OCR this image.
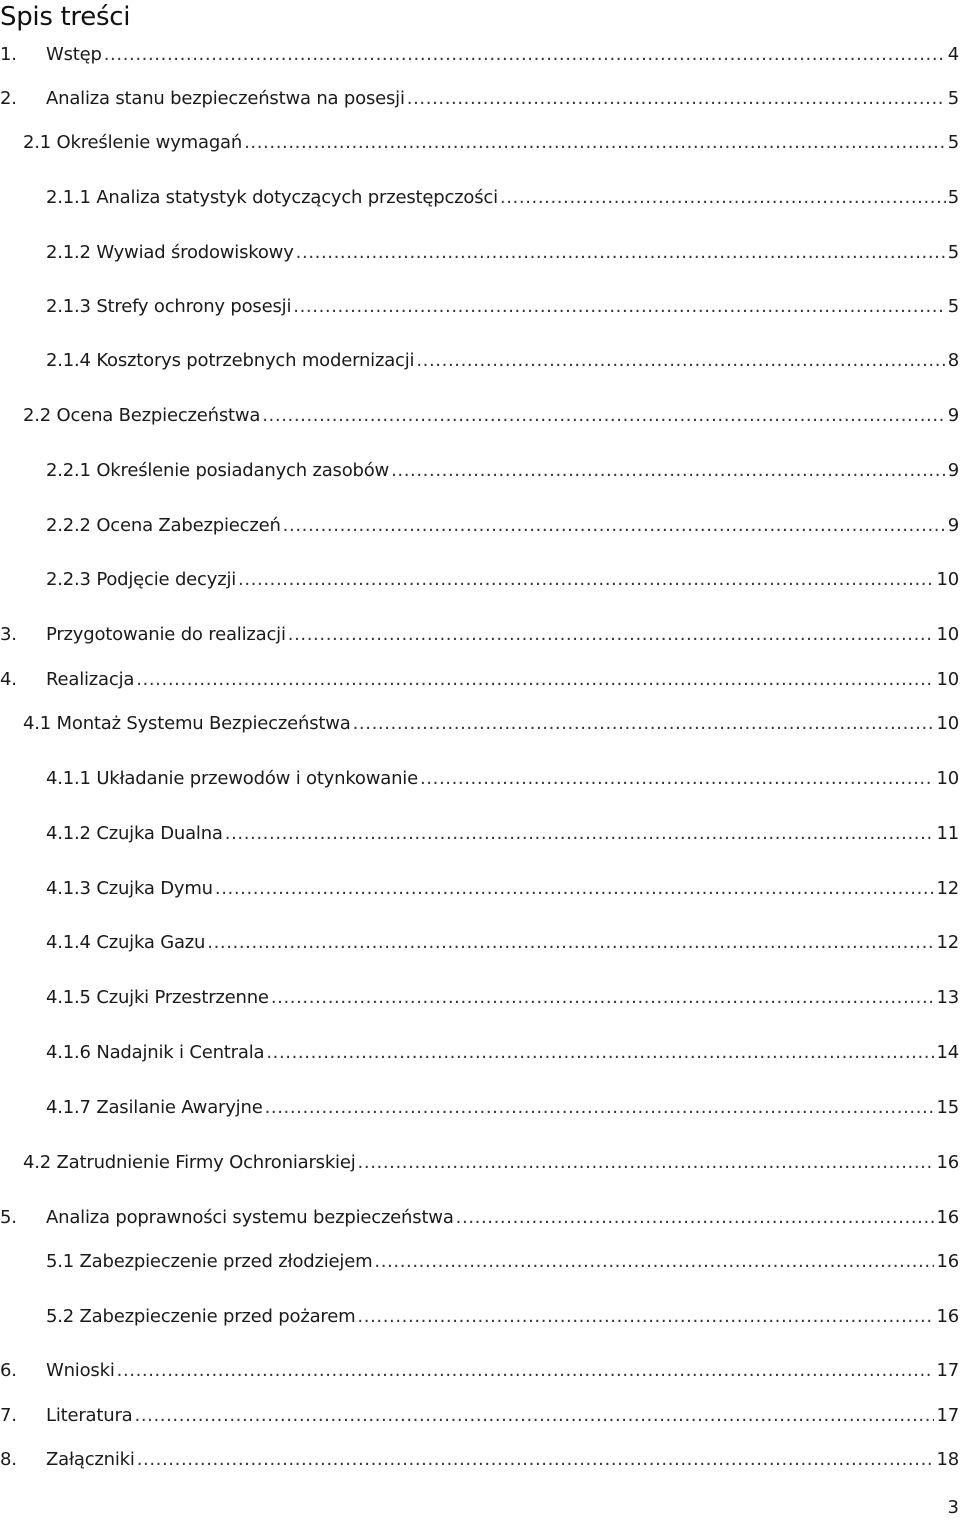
Spis treści
1.	Wstęp .....	4
2.	Analiza stanu bezpieczeństwa na posesji .....	5
2.1 Określenie wymagań .....	5
2.1.1 Analiza statystyk dotyczących przestępczości .....	5
2.1.2 Wywiad środowiskowy .....	5
2.1.3 Strefy ochrony posesji .....	5
2.1.4 Kosztorys potrzebnych modernizacji .....	8
2.2 Ocena Bezpieczeństwa .....	9
2.2.1 Określenie posiadanych zasobów .....	9
2.2.2 Ocena Zabezpieczeń .....	9
2.2.3 Podjęcie decyzji .....	10
3.	Przygotowanie do realizacji .....	10
4.	Realizacja .....	10
4.1 Montaż Systemu Bezpieczeństwa .....	10
4.1.1 Układanie przewodów i otynkowanie .....	10
4.1.2 Czujka Dualna .....	11
4.1.3 Czujka Dymu .....	12
4.1.4 Czujka Gazu .....	12
4.1.5 Czujki Przestrzenne .....	13
4.1.6 Nadajnik i Centrala .....	14
4.1.7 Zasilanie Awaryjne .....	15
4.2 Zatrudnienie Firmy Ochroniarskiej .....	16
5.	Analiza poprawności systemu bezpieczeństwa .....	16
5.1 Zabezpieczenie przed złodziejem .....	16
5.2 Zabezpieczenie przed pożarem .....	16
6.	Wnioski .....	17
7.	Literatura .....	17
8.	Załączniki .....	18
3
